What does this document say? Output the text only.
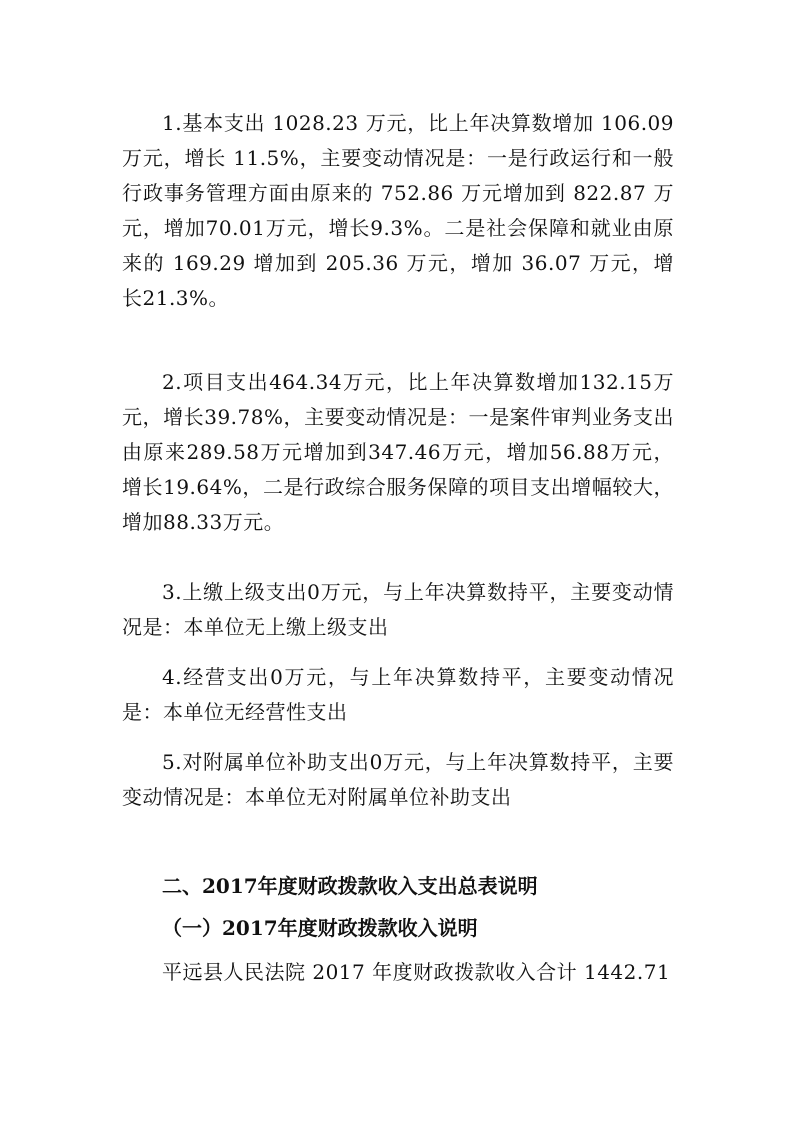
1.基本支出 1028.23 万元，比上年决算数增加 106.09 万元，增长 11.5%，主要变动情况是：一是行政运行和一般行政事务管理方面由原来的 752.86 万元增加到 822.87 万元，增加70.01万元，增长9.3%。二是社会保障和就业由原来的 169.29 增加到 205.36 万元，增加 36.07 万元，增长21.3%。

2.项目支出464.34万元，比上年决算数增加132.15万元，增长39.78%，主要变动情况是：一是案件审判业务支出由原来289.58万元增加到347.46万元，增加56.88万元，增长19.64%，二是行政综合服务保障的项目支出增幅较大，增加88.33万元。

3.上缴上级支出0万元，与上年决算数持平，主要变动情况是：本单位无上缴上级支出

4.经营支出0万元，与上年决算数持平，主要变动情况是：本单位无经营性支出

5.对附属单位补助支出0万元，与上年决算数持平，主要变动情况是：本单位无对附属单位补助支出

二、2017年度财政拨款收入支出总表说明
（一）2017年度财政拨款收入说明

平远县人民法院 2017 年度财政拨款收入合计 1442.71
